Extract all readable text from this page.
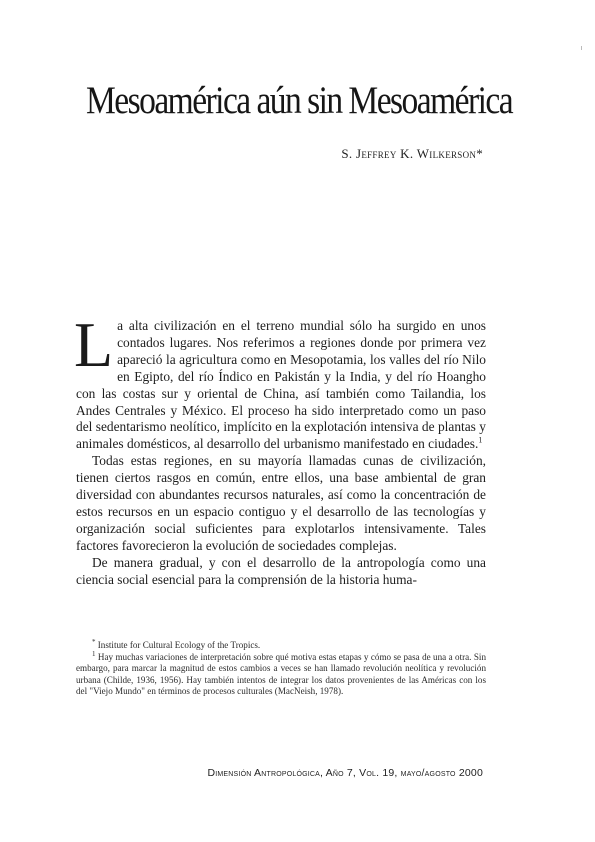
Mesoamérica aún sin Mesoamérica
S. Jeffrey K. Wilkerson*

La alta civilización en el terreno mundial sólo ha surgido en unos contados lugares. Nos referimos a regiones donde por primera vez apareció la agricultura como en Mesopotamia, los valles del río Nilo en Egipto, del río Índico en Pakistán y la India, y del río Hoangho con las costas sur y oriental de China, así también como Tailandia, los Andes Centrales y México. El proceso ha sido interpretado como un paso del sedentarismo neolítico, implícito en la explotación intensiva de plantas y animales domésticos, al desarrollo del urbanismo manifestado en ciudades.$^1$

Todas estas regiones, en su mayoría llamadas cunas de civilización, tienen ciertos rasgos en común, entre ellos, una base ambiental de gran diversidad con abundantes recursos naturales, así como la concentración de estos recursos en un espacio contiguo y el desarrollo de las tecnologías y organización social suficientes para explotarlos intensivamente. Tales factores favorecieron la evolución de sociedades complejas.

De manera gradual, y con el desarrollo de la antropología como una ciencia social esencial para la comprensión de la historia huma-

* Institute for Cultural Ecology of the Tropics.

$^1$ Hay muchas variaciones de interpretación sobre qué motiva estas etapas y cómo se pasa de una a otra. Sin embargo, para marcar la magnitud de estos cambios a veces se han llamado revolución neolítica y revolución urbana (Childe, 1936, 1956). Hay también intentos de integrar los datos provenientes de las Américas con los del "Viejo Mundo" en términos de procesos culturales (MacNeish, 1978).

Dimensión Antropológica, Año 7, Vol. 19, mayo/agosto 2000
